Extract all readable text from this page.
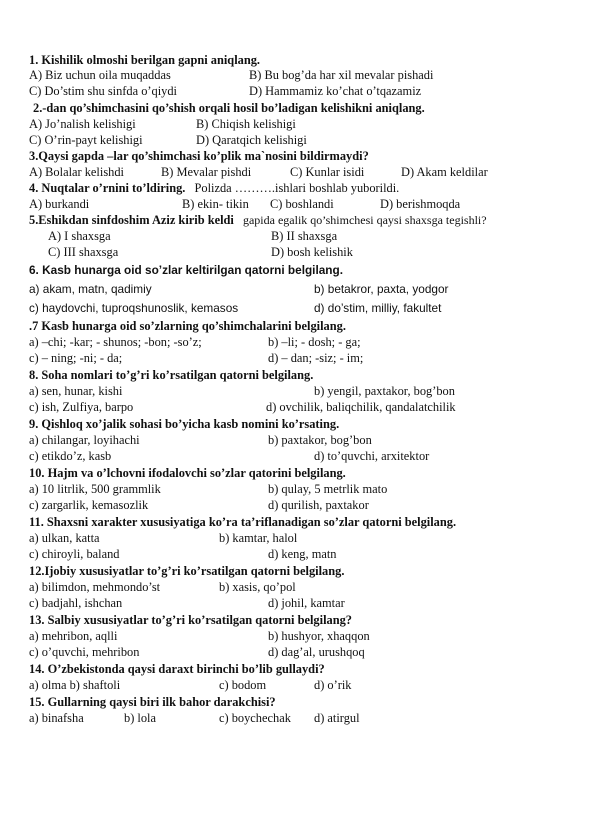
1. Kishilik olmoshi berilgan gapni aniqlang.
A) Biz uchun oila muqaddas	B) Bu bog’da har xil mevalar pishadi
C) Do’stim shu sinfda o’qiydi	D) Hammamiz ko’chat o’tqazamiz
2.-dan qo’shimchasini qo’shish orqali hosil bo’ladigan kelishikni aniqlang.
A) Jo’nalish kelishigi	B) Chiqish kelishigi
C) O’rin-payt kelishigi	D) Qaratqich kelishigi
3.Qaysi gapda –lar qo’shimchasi ko’plik ma`nosini bildirmaydi?
A) Bolalar kelishdi	B) Mevalar pishdi	C) Kunlar isidi	D) Akam keldilar
4. Nuqtalar o’rnini to’ldiring. Polizda ……….ishlari boshlab yuborildi.
A) burkandi	B) ekin- tikin C) boshlandi	D) berishmoqda
5.Eshikdan sinfdoshim Aziz kirib keldi gapida egalik qo’shimchesi qaysi shaxsga tegishli?
A) I shaxsga	B) II shaxsga
C) III shaxsga	D) bosh kelishik
6. Kasb hunarga oid so’zlar keltirilgan qatorni belgilang.
a) akam, matn, qadimiy	b) betakror, paxta, yodgor
c) haydovchi, tuproqshunoslik, kemasos	d) do’stim, milliy, fakultet
.7 Kasb hunarga oid so’zlarning qo’shimchalarini belgilang.
a) –chi; -kar; - shunos; -bon; -so’z;	b) –li; - dosh; - ga;
c) – ning; -ni; - da;	d) – dan; -siz; - im;
8. Soha nomlari to’g’ri ko’rsatilgan qatorni belgilang.
a) sen, hunar, kishi	b) yengil, paxtakor, bog’bon
c) ish, Zulfiya, barpo	d) ovchilik, baliqchilik, qandalatchilik
9. Qishloq xo’jalik sohasi bo’yicha kasb nomini ko’rsating.
a) chilangar, loyihachi	b) paxtakor, bog’bon
c) etikdo’z, kasb	d) to’quvchi, arxitektor
10. Hajm va o’lchovni ifodalovchi so’zlar qatorini belgilang.
a) 10 litrlik, 500 grammlik	b) qulay, 5 metrlik mato
c) zargarlik, kemasozlik	d) qurilish, paxtakor
11. Shaxsni xarakter xususiyatiga ko’ra ta’riflanadigan so’zlar qatorni belgilang.
a) ulkan, katta	b) kamtar, halol
c) chiroyli, baland	d) keng, matn
12.Ijobiy xususiyatlar to’g’ri ko’rsatilgan qatorni belgilang.
a) bilimdon, mehmondo’st	b) xasis, qo’pol
c) badjahl, ishchan	d) johil, kamtar
13. Salbiy xususiyatlar to’g’ri ko’rsatilgan qatorni belgilang?
a) mehribon, aqlli	b) hushyor, xhaqqon
c) o’quvchi, mehribon	d) dag’al, urushqoq
14. O’zbekistonda qaysi daraxt birinchi bo’lib gullaydi?
a) olma b) shaftoli	c) bodom	d) o’rik
15. Gullarning qaysi biri ilk bahor darakchisi?
a) binafsha	b) lola	c) boychechak d) atirgul
